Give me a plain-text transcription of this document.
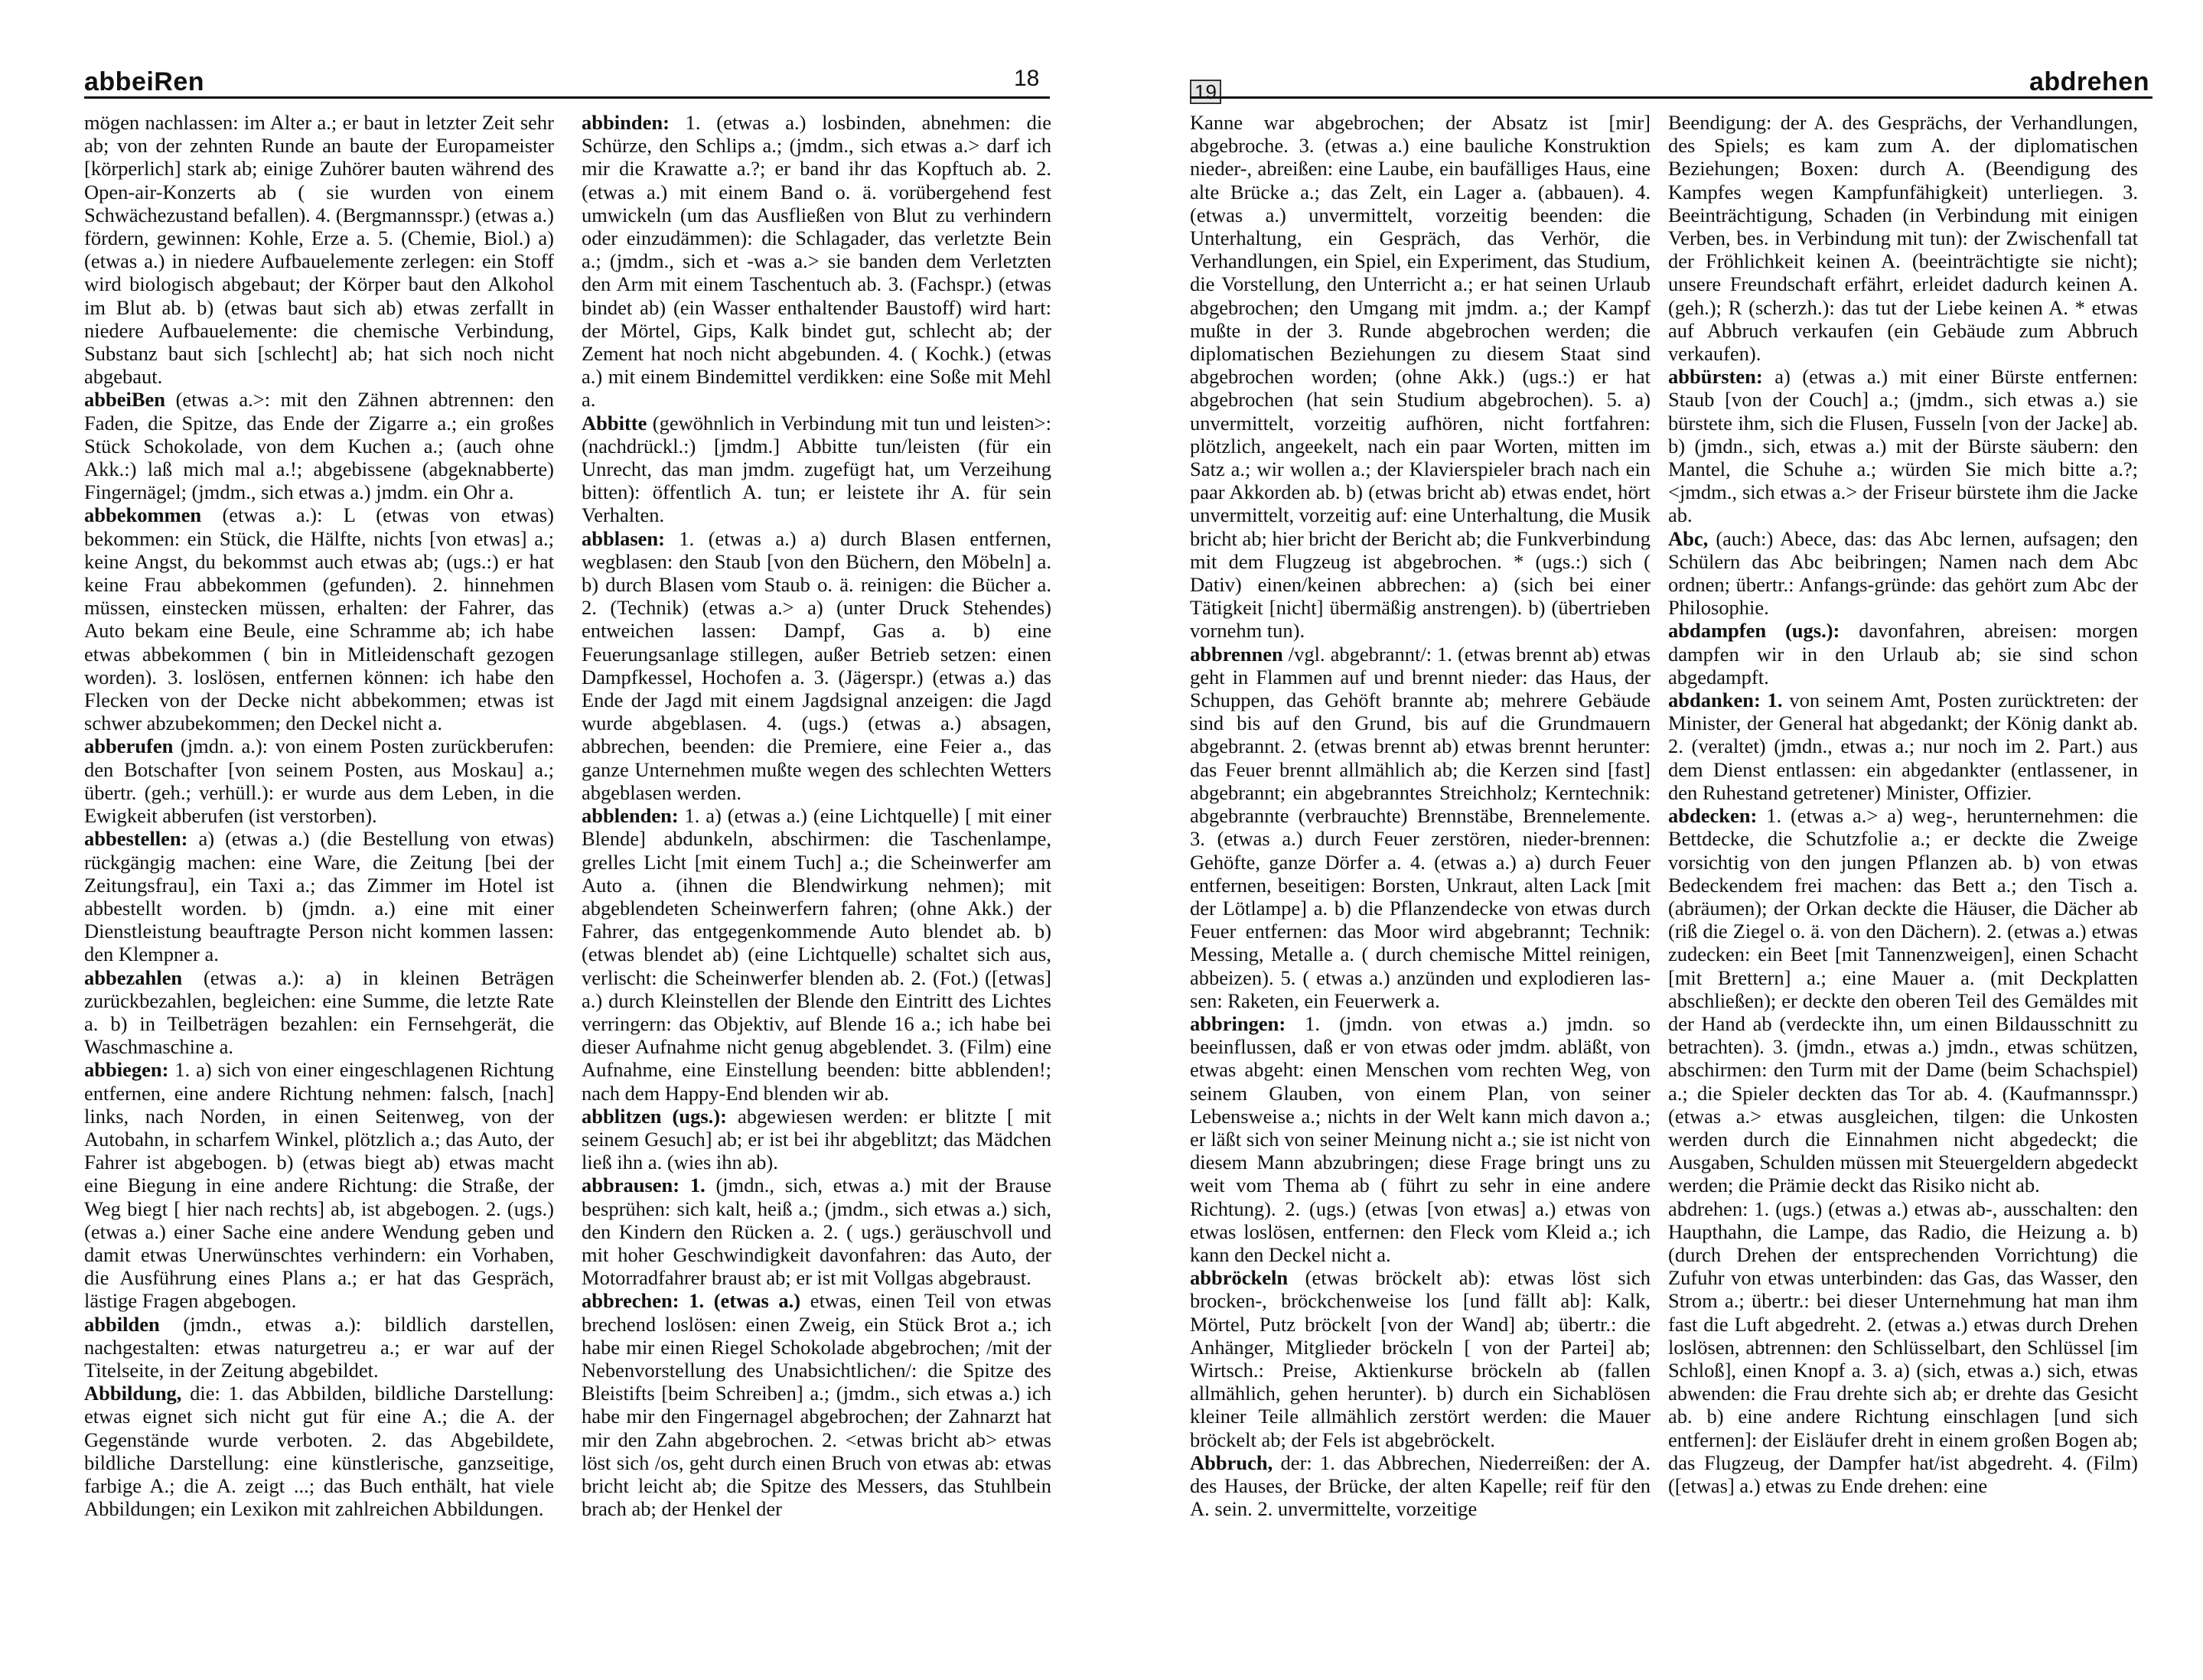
abbeiRen	18

mögen nachlassen: im Alter a.; er baut in letzter Zeit sehr ab; von der zehnten Runde an baute der Europameister [körperlich] stark ab; einige Zuhörer bauten während des Open-air-Konzerts ab ( sie wurden von einem Schwächezustand befallen). 4. (Bergmannsspr.) (etwas a.) fördern, gewinnen: Kohle, Erze a. 5. (Chemie, Biol.) a) (etwas a.) in niedere Aufbauelemente zerlegen: ein Stoff wird biologisch abgebaut; der Körper baut den Alkohol im Blut ab. b) (etwas baut sich ab) etwas zerfallt in niedere Aufbauelemente: die chemische Verbindung, Substanz baut sich [schlecht] ab; hat sich noch nicht abgebaut.

abbeiBen (etwas a.>: mit den Zähnen abtrennen: den Faden, die Spitze, das Ende der Zigarre a.; ein großes Stück Schokolade, von dem Kuchen a.; (auch ohne Akk.:) laß mich mal a.!; abgebissene (abgeknabberte) Fingernägel; (jmdm., sich etwas a.) jmdm. ein Ohr a.

abbekommen (etwas a.): L (etwas von etwas) bekommen: ein Stück, die Hälfte, nichts [von etwas] a.; keine Angst, du bekommst auch etwas ab; (ugs.:) er hat keine Frau abbekommen (gefunden). 2. hinnehmen müssen, einstecken müssen, erhalten: der Fahrer, das Auto bekam eine Beule, eine Schramme ab; ich habe etwas abbekommen ( bin in Mitleidenschaft gezogen worden). 3. loslösen, entfernen können: ich habe den Flecken von der Decke nicht abbekommen; etwas ist schwer abzubekommen; den Deckel nicht a.

abberufen (jmdn. a.): von einem Posten zurückberufen: den Botschafter [von seinem Posten, aus Moskau] a.; übertr. (geh.; verhüll.): er wurde aus dem Leben, in die Ewigkeit abberufen (ist verstorben).

abbestellen: a) (etwas a.) (die Bestellung von etwas) rückgängig machen: eine Ware, die Zeitung [bei der Zeitungsfrau], ein Taxi a.; das Zimmer im Hotel ist abbestellt worden. b) (jmdn. a.) eine mit einer Dienstleistung beauftragte Person nicht kommen lassen: den Klempner a.

abbezahlen (etwas a.): a) in kleinen Beträgen zurückbezahlen, begleichen: eine Summe, die letzte Rate a. b) in Teilbeträgen bezahlen: ein Fernsehgerät, die Waschmaschine a.

abbiegen: 1. a) sich von einer eingeschlagenen Richtung entfernen, eine andere Richtung nehmen: falsch, [nach] links, nach Norden, in einen Seitenweg, von der Autobahn, in scharfem Winkel, plötzlich a.; das Auto, der Fahrer ist abgebogen. b) (etwas biegt ab) etwas macht eine Biegung in eine andere Richtung: die Straße, der Weg biegt [ hier nach rechts] ab, ist abgebogen. 2. (ugs.) (etwas a.) einer Sache eine andere Wendung geben und damit etwas Unerwünschtes verhindern: ein Vorhaben, die Ausführung eines Plans a.; er hat das Gespräch, lästige Fragen abgebogen.

abbilden (jmdn., etwas a.): bildlich darstellen, nachgestalten: etwas naturgetreu a.; er war auf der Titelseite, in der Zeitung abgebildet.

Abbildung, die: 1. das Abbilden, bildliche Darstellung: etwas eignet sich nicht gut für eine A.; die A. der Gegenstände wurde verboten. 2. das Abgebildete, bildliche Darstellung: eine künstlerische, ganzseitige, farbige A.; die A. zeigt ...; das Buch enthält, hat viele Abbildungen; ein Lexikon mit zahlreichen Abbildungen.

abbinden: 1. (etwas a.) losbinden, abnehmen: die Schürze, den Schlips a.; (jmdm., sich etwas a.> darf ich mir die Krawatte a.?; er band ihr das Kopftuch ab. 2. (etwas a.) mit einem Band o. ä. vorübergehend fest umwickeln (um das Ausfließen von Blut zu verhindern oder einzudämmen): die Schlagader, das verletzte Bein a.; (jmdm., sich et -was a.> sie banden dem Verletzten den Arm mit einem Taschentuch ab. 3. (Fachspr.) (etwas bindet ab) (ein Wasser enthaltender Baustoff) wird hart: der Mörtel, Gips, Kalk bindet gut, schlecht ab; der Zement hat noch nicht abgebunden. 4. ( Kochk.) (etwas a.) mit einem Bindemittel verdikken: eine Soße mit Mehl a.

Abbitte (gewöhnlich in Verbindung mit tun und leisten>: (nachdrückl.:) [jmdm.] Abbitte tun/leisten (für ein Unrecht, das man jmdm. zugefügt hat, um Verzeihung bitten): öffentlich A. tun; er leistete ihr A. für sein Verhalten.

abblasen: 1. (etwas a.) a) durch Blasen entfernen, wegblasen: den Staub [von den Büchern, den Möbeln] a. b) durch Blasen vom Staub o. ä. reinigen: die Bücher a. 2. (Technik) (etwas a.> a) (unter Druck Stehendes) entweichen lassen: Dampf, Gas a. b) eine Feuerungsanlage stillegen, außer Betrieb setzen: einen Dampfkessel, Hochofen a. 3. (Jägerspr.) (etwas a.) das Ende der Jagd mit einem Jagdsignal anzeigen: die Jagd wurde abgeblasen. 4. (ugs.) (etwas a.) absagen, abbrechen, beenden: die Premiere, eine Feier a., das ganze Unternehmen mußte wegen des schlechten Wetters abgeblasen werden.

abblenden: 1. a) (etwas a.) (eine Lichtquelle) [ mit einer Blende] abdunkeln, abschirmen: die Taschenlampe, grelles Licht [mit einem Tuch] a.; die Scheinwerfer am Auto a. (ihnen die Blendwirkung nehmen); mit abgeblendeten Scheinwerfern fahren; (ohne Akk.) der Fahrer, das entgegenkommende Auto blendet ab. b) (etwas blendet ab) (eine Lichtquelle) schaltet sich aus, verlischt: die Scheinwerfer blenden ab. 2. (Fot.) ([etwas] a.) durch Kleinstellen der Blende den Eintritt des Lichtes verringern: das Objektiv, auf Blende 16 a.; ich habe bei dieser Aufnahme nicht genug abgeblendet. 3. (Film) eine Aufnahme, eine Einstellung beenden: bitte abblenden!; nach dem Happy-End blenden wir ab.

abblitzen (ugs.): abgewiesen werden: er blitzte [ mit seinem Gesuch] ab; er ist bei ihr abgeblitzt; das Mädchen ließ ihn a. (wies ihn ab).

abbrausen: 1. (jmdn., sich, etwas a.) mit der Brause besprühen: sich kalt, heiß a.; (jmdm., sich etwas a.) sich, den Kindern den Rücken a. 2. ( ugs.) geräuschvoll und mit hoher Geschwindigkeit davonfahren: das Auto, der Motorradfahrer braust ab; er ist mit Vollgas abgebraust.

abbrechen: 1. (etwas a.) etwas, einen Teil von etwas brechend loslösen: einen Zweig, ein Stück Brot a.; ich habe mir einen Riegel Schokolade abgebrochen; /mit der Nebenvorstellung des Unabsichtlichen/: die Spitze des Bleistifts [beim Schreiben] a.; (jmdm., sich etwas a.) ich habe mir den Fingernagel abgebrochen; der Zahnarzt hat mir den Zahn abgebrochen. 2. <etwas bricht ab> etwas löst sich /os, geht durch einen Bruch von etwas ab: etwas bricht leicht ab; die Spitze des Messers, das Stuhlbein brach ab; der Henkel der

19	abdrehen

Kanne war abgebrochen; der Absatz ist [mir] abgebroche. 3. (etwas a.) eine bauliche Konstruktion nieder-, abreißen: eine Laube, ein baufälliges Haus, eine alte Brücke a.; das Zelt, ein Lager a. (abbauen). 4. (etwas a.) unvermittelt, vorzeitig beenden: die Unterhaltung, ein Gespräch, das Verhör, die Verhandlungen, ein Spiel, ein Experiment, das Studium, die Vorstellung, den Unterricht a.; er hat seinen Urlaub abgebrochen; den Umgang mit jmdm. a.; der Kampf mußte in der 3. Runde abgebrochen werden; die diplomatischen Beziehungen zu diesem Staat sind abgebrochen worden; (ohne Akk.) (ugs.:) er hat abgebrochen (hat sein Studium abgebrochen). 5. a) unvermittelt, vorzeitig aufhören, nicht fortfahren: plötzlich, angeekelt, nach ein paar Worten, mitten im Satz a.; wir wollen a.; der Klavierspieler brach nach ein paar Akkorden ab. b) (etwas bricht ab) etwas endet, hört unvermittelt, vorzeitig auf: eine Unterhaltung, die Musik bricht ab; hier bricht der Bericht ab; die Funkverbindung mit dem Flugzeug ist abgebrochen. * (ugs.:) sich ( Dativ) einen/keinen abbrechen: a) (sich bei einer Tätigkeit [nicht] übermäßig anstrengen). b) (übertrieben vornehm tun).

abbrennen /vgl. abgebrannt/: 1. (etwas brennt ab) etwas geht in Flammen auf und brennt nieder: das Haus, der Schuppen, das Gehöft brannte ab; mehrere Gebäude sind bis auf den Grund, bis auf die Grundmauern abgebrannt. 2. (etwas brennt ab) etwas brennt herunter: das Feuer brennt allmählich ab; die Kerzen sind [fast] abgebrannt; ein abgebranntes Streichholz; Kerntechnik: abgebrannte (verbrauchte) Brennstäbe, Brennelemente. 3. (etwas a.) durch Feuer zerstören, nieder-brennen: Gehöfte, ganze Dörfer a. 4. (etwas a.) a) durch Feuer entfernen, beseitigen: Borsten, Unkraut, alten Lack [mit der Lötlampe] a. b) die Pflanzendecke von etwas durch Feuer entfernen: das Moor wird abgebrannt; Technik: Messing, Metalle a. ( durch chemische Mittel reinigen, abbeizen). 5. ( etwas a.) anzünden und explodieren las-sen: Raketen, ein Feuerwerk a.

abbringen: 1. (jmdn. von etwas a.) jmdn. so beeinflussen, daß er von etwas oder jmdm. abläßt, von etwas abgeht: einen Menschen vom rechten Weg, von seinem Glauben, von einem Plan, von seiner Lebensweise a.; nichts in der Welt kann mich davon a.; er läßt sich von seiner Meinung nicht a.; sie ist nicht von diesem Mann abzubringen; diese Frage bringt uns zu weit vom Thema ab ( führt zu sehr in eine andere Richtung). 2. (ugs.) (etwas [von etwas] a.) etwas von etwas loslösen, entfernen: den Fleck vom Kleid a.; ich kann den Deckel nicht a.

abbröckeln (etwas bröckelt ab): etwas löst sich brocken-, bröckchenweise los [und fällt ab]: Kalk, Mörtel, Putz bröckelt [von der Wand] ab; übertr.: die Anhänger, Mitglieder bröckeln [ von der Partei] ab; Wirtsch.: Preise, Aktienkurse bröckeln ab (fallen allmählich, gehen herunter). b) durch ein Sichablösen kleiner Teile allmählich zerstört werden: die Mauer bröckelt ab; der Fels ist abgebröckelt.

Abbruch, der: 1. das Abbrechen, Niederreißen: der A. des Hauses, der Brücke, der alten Kapelle; reif für den A. sein. 2. unvermittelte, vorzeitige

Beendigung: der A. des Gesprächs, der Verhandlungen, des Spiels; es kam zum A. der diplomatischen Beziehungen; Boxen: durch A. (Beendigung des Kampfes wegen Kampfunfähigkeit) unterliegen. 3. Beeinträchtigung, Schaden (in Verbindung mit einigen Verben, bes. in Verbindung mit tun): der Zwischenfall tat der Fröhlichkeit keinen A. (beeinträchtigte sie nicht); unsere Freundschaft erfährt, erleidet dadurch keinen A. (geh.); R (scherzh.): das tut der Liebe keinen A. * etwas auf Abbruch verkaufen (ein Gebäude zum Abbruch verkaufen).

abbürsten: a) (etwas a.) mit einer Bürste entfernen: Staub [von der Couch] a.; (jmdm., sich etwas a.) sie bürstete ihm, sich die Flusen, Fusseln [von der Jacke] ab. b) (jmdn., sich, etwas a.) mit der Bürste säubern: den Mantel, die Schuhe a.; würden Sie mich bitte a.?; <jmdm., sich etwas a.> der Friseur bürstete ihm die Jacke ab.

Abc, (auch:) Abece, das: das Abc lernen, aufsagen; den Schülern das Abc beibringen; Namen nach dem Abc ordnen; übertr.: Anfangs-gründe: das gehört zum Abc der Philosophie.

abdampfen (ugs.): davonfahren, abreisen: morgen dampfen wir in den Urlaub ab; sie sind schon abgedampft.

abdanken: 1. von seinem Amt, Posten zurücktreten: der Minister, der General hat abgedankt; der König dankt ab. 2. (veraltet) (jmdn., etwas a.; nur noch im 2. Part.) aus dem Dienst entlassen: ein abgedankter (entlassener, in den Ruhestand getretener) Minister, Offizier.

abdecken: 1. (etwas a.> a) weg-, herunternehmen: die Bettdecke, die Schutzfolie a.; er deckte die Zweige vorsichtig von den jungen Pflanzen ab. b) von etwas Bedeckendem frei machen: das Bett a.; den Tisch a. (abräumen); der Orkan deckte die Häuser, die Dächer ab (riß die Ziegel o. ä. von den Dächern). 2. (etwas a.) etwas zudecken: ein Beet [mit Tannenzweigen], einen Schacht [mit Brettern] a.; eine Mauer a. (mit Deckplatten abschließen); er deckte den oberen Teil des Gemäldes mit der Hand ab (verdeckte ihn, um einen Bildausschnitt zu betrachten). 3. (jmdn., etwas a.) jmdn., etwas schützen, abschirmen: den Turm mit der Dame (beim Schachspiel) a.; die Spieler deckten das Tor ab. 4. (Kaufmannsspr.) (etwas a.> etwas ausgleichen, tilgen: die Unkosten werden durch die Einnahmen nicht abgedeckt; die Ausgaben, Schulden müssen mit Steuergeldern abgedeckt werden; die Prämie deckt das Risiko nicht ab.

abdrehen: 1. (ugs.) (etwas a.) etwas ab-, ausschalten: den Haupthahn, die Lampe, das Radio, die Heizung a. b) (durch Drehen der entsprechenden Vorrichtung) die Zufuhr von etwas unterbinden: das Gas, das Wasser, den Strom a.; übertr.: bei dieser Unternehmung hat man ihm fast die Luft abgedreht. 2. (etwas a.) etwas durch Drehen loslösen, abtrennen: den Schlüsselbart, den Schlüssel [im Schloß], einen Knopf a. 3. a) (sich, etwas a.) sich, etwas abwenden: die Frau drehte sich ab; er drehte das Gesicht ab. b) eine andere Richtung einschlagen [und sich entfernen]: der Eisläufer dreht in einem großen Bogen ab; das Flugzeug, der Dampfer hat/ist abgedreht. 4. (Film) ([etwas] a.) etwas zu Ende drehen: eine
